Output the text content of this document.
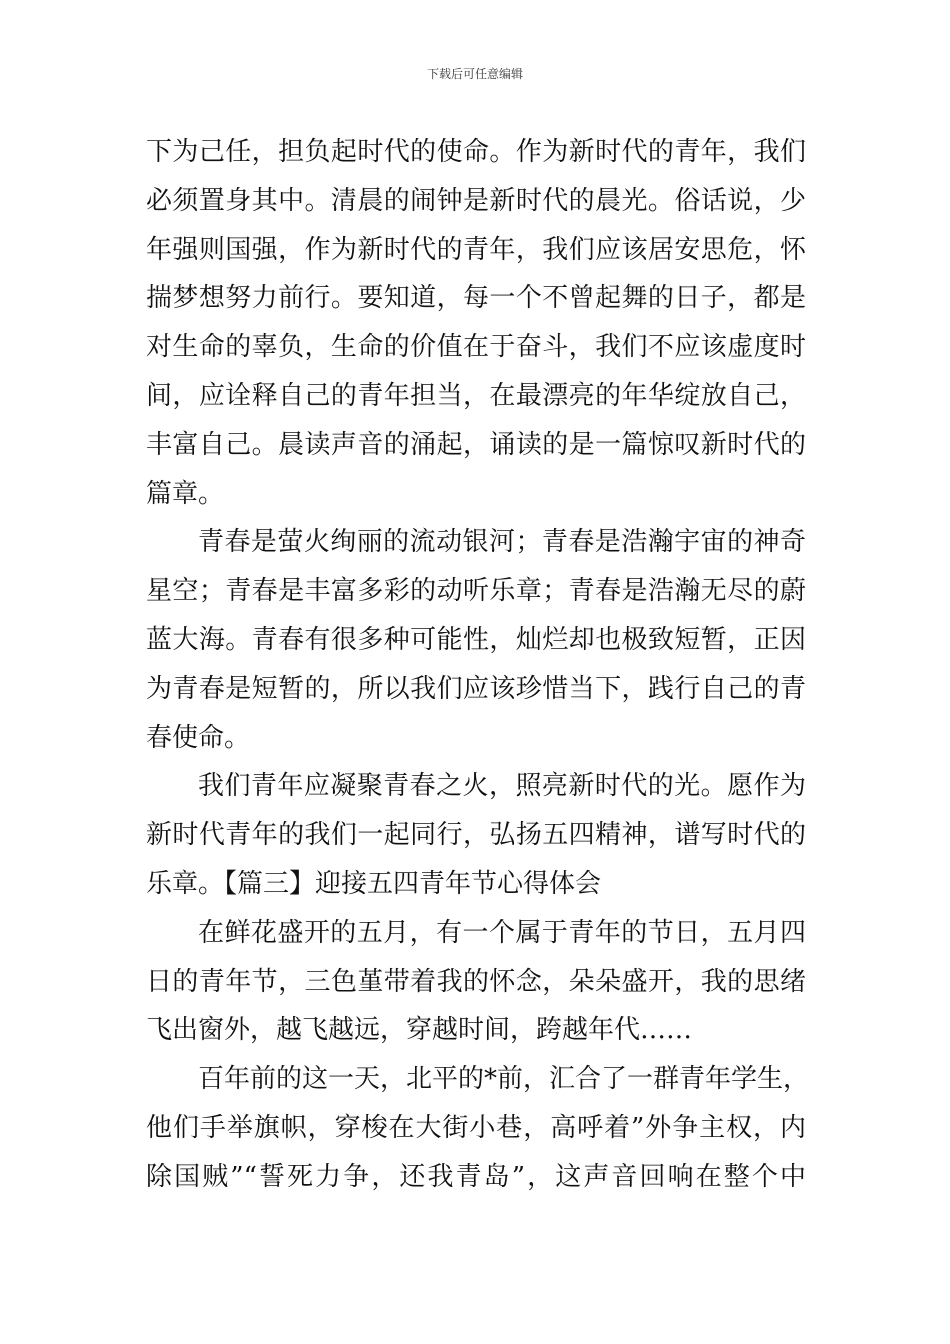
下载后可任意编辑
下为己任，担负起时代的使命。作为新时代的青年，我们
必须置身其中。清晨的闹钟是新时代的晨光。俗话说，少
年强则国强，作为新时代的青年，我们应该居安思危，怀
揣梦想努力前行。要知道，每一个不曾起舞的日子，都是
对生命的辜负，生命的价值在于奋斗，我们不应该虚度时
间，应诠释自己的青年担当，在最漂亮的年华绽放自己，
丰富自己。晨读声音的涌起，诵读的是一篇惊叹新时代的
篇章。
青春是萤火绚丽的流动银河；青春是浩瀚宇宙的神奇
星空；青春是丰富多彩的动听乐章；青春是浩瀚无尽的蔚
蓝大海。青春有很多种可能性，灿烂却也极致短暂，正因
为青春是短暂的，所以我们应该珍惜当下，践行自己的青
春使命。
我们青年应凝聚青春之火，照亮新时代的光。愿作为
新时代青年的我们一起同行，弘扬五四精神，谱写时代的
乐章。【篇三】迎接五四青年节心得体会
在鲜花盛开的五月，有一个属于青年的节日，五月四
日的青年节，三色堇带着我的怀念，朵朵盛开，我的思绪
飞出窗外，越飞越远，穿越时间，跨越年代……
百年前的这一天，北平的*前，汇合了一群青年学生，
他们手举旗帜，穿梭在大街小巷，高呼着”外争主权，内
除国贼”“誓死力争，还我青岛”，这声音回响在整个中
